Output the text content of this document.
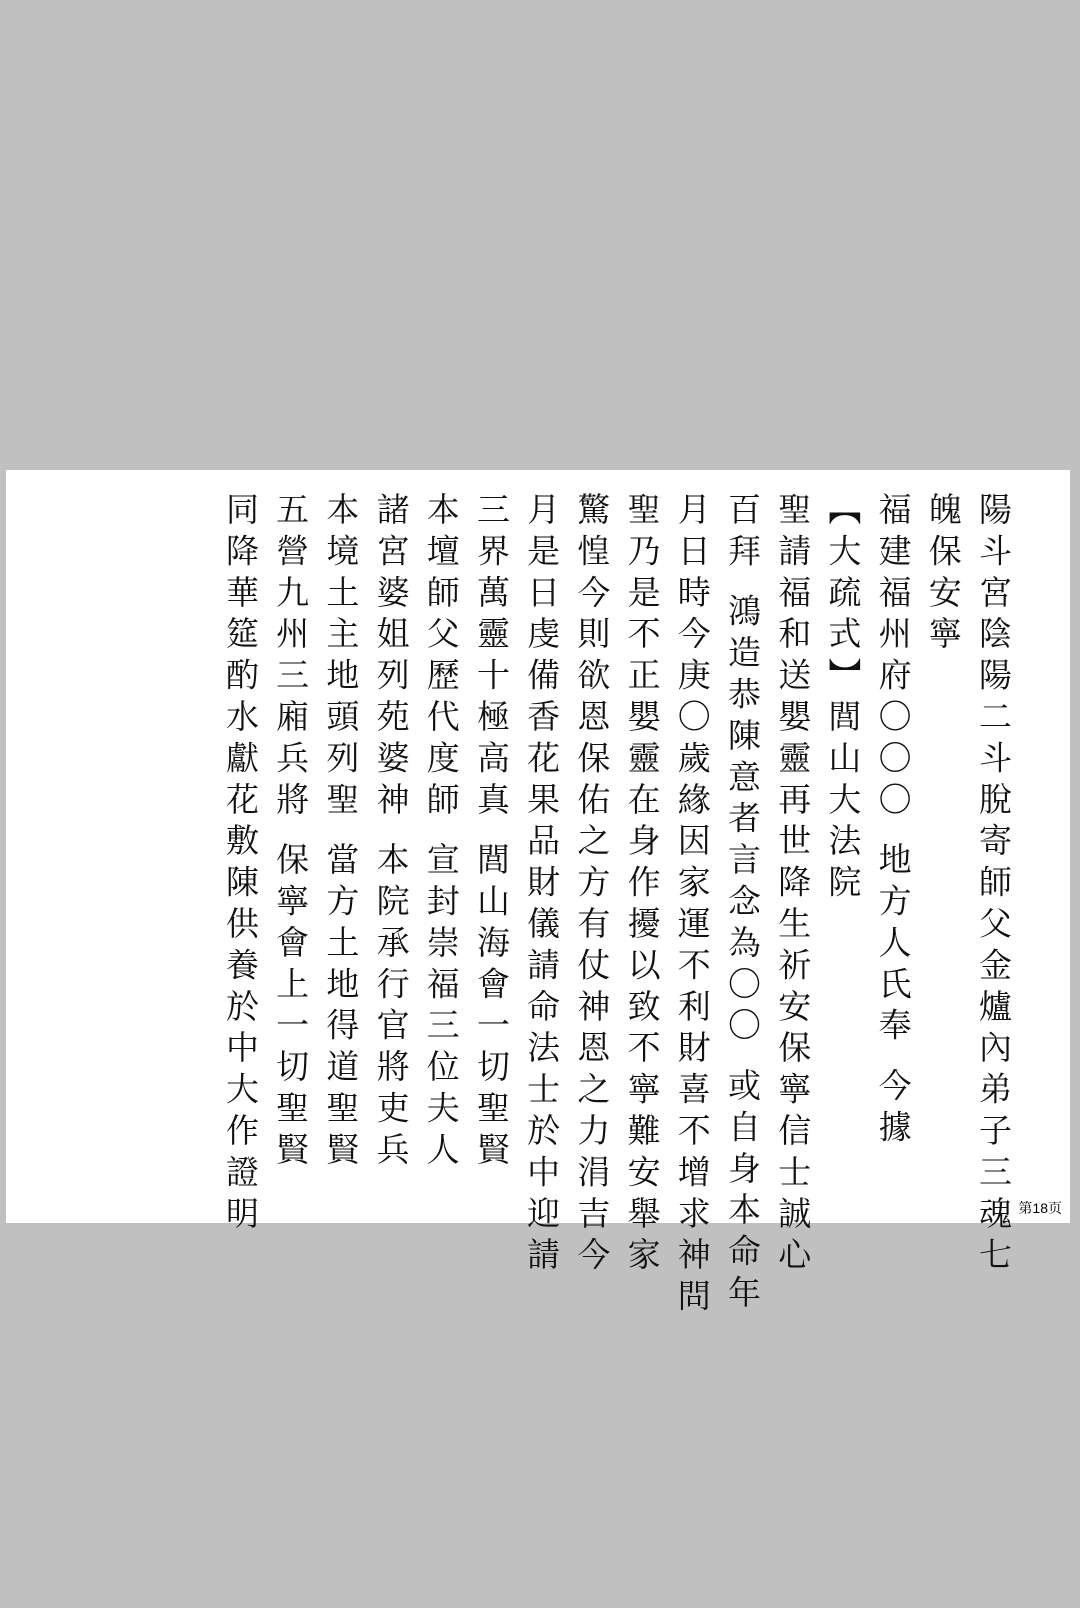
陽斗宮陰陽二斗脫寄師父金爐內弟子三魂七
魄保安寧
福建福州府〇〇〇 地方人氏奉 今據
【大疏式】閭山大法院
聖請福和送嬰靈再世降生祈安保寧信士誠心
百拜 鴻造恭陳意者言念為〇〇 或自身本命年
月日時今庚〇歲緣因家運不利財喜不增求神問
聖乃是不正嬰靈在身作擾以致不寧難安舉家
驚惶今則欲恩保佑之方有仗神恩之力涓吉今
月是日虔備香花果品財儀請命法士於中迎請
三界萬靈十極高真 閭山海會一切聖賢
本壇師父歷代度師 宣封崇福三位夫人
諸宮婆姐列苑婆神 本院承行官將吏兵
本境土主地頭列聖 當方土地得道聖賢
五營九州三廂兵將 保寧會上一切聖賢
同降華筵酌水獻花敷陳供養於中大作證明	第18页
